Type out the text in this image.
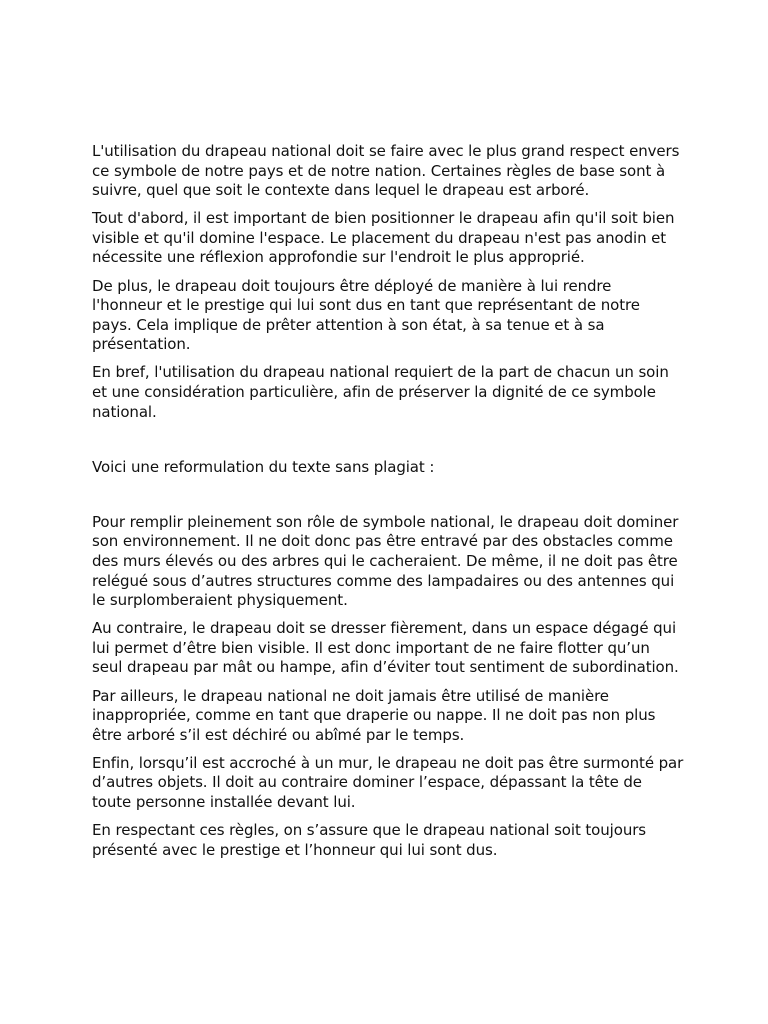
L'utilisation du drapeau national doit se faire avec le plus grand respect envers ce symbole de notre pays et de notre nation. Certaines règles de base sont à suivre, quel que soit le contexte dans lequel le drapeau est arboré.

Tout d'abord, il est important de bien positionner le drapeau afin qu'il soit bien visible et qu'il domine l'espace. Le placement du drapeau n'est pas anodin et nécessite une réflexion approfondie sur l'endroit le plus approprié.

De plus, le drapeau doit toujours être déployé de manière à lui rendre l'honneur et le prestige qui lui sont dus en tant que représentant de notre pays. Cela implique de prêter attention à son état, à sa tenue et à sa présentation.

En bref, l'utilisation du drapeau national requiert de la part de chacun un soin et une considération particulière, afin de préserver la dignité de ce symbole national.

Voici une reformulation du texte sans plagiat :

Pour remplir pleinement son rôle de symbole national, le drapeau doit dominer son environnement. Il ne doit donc pas être entravé par des obstacles comme des murs élevés ou des arbres qui le cacheraient. De même, il ne doit pas être relégué sous d’autres structures comme des lampadaires ou des antennes qui le surplomberaient physiquement.

Au contraire, le drapeau doit se dresser fièrement, dans un espace dégagé qui lui permet d’être bien visible. Il est donc important de ne faire flotter qu’un seul drapeau par mât ou hampe, afin d’éviter tout sentiment de subordination.

Par ailleurs, le drapeau national ne doit jamais être utilisé de manière inappropriée, comme en tant que draperie ou nappe. Il ne doit pas non plus être arboré s’il est déchiré ou abîmé par le temps.

Enfin, lorsqu’il est accroché à un mur, le drapeau ne doit pas être surmonté par d’autres objets. Il doit au contraire dominer l’espace, dépassant la tête de toute personne installée devant lui.

En respectant ces règles, on s’assure que le drapeau national soit toujours présenté avec le prestige et l’honneur qui lui sont dus.
